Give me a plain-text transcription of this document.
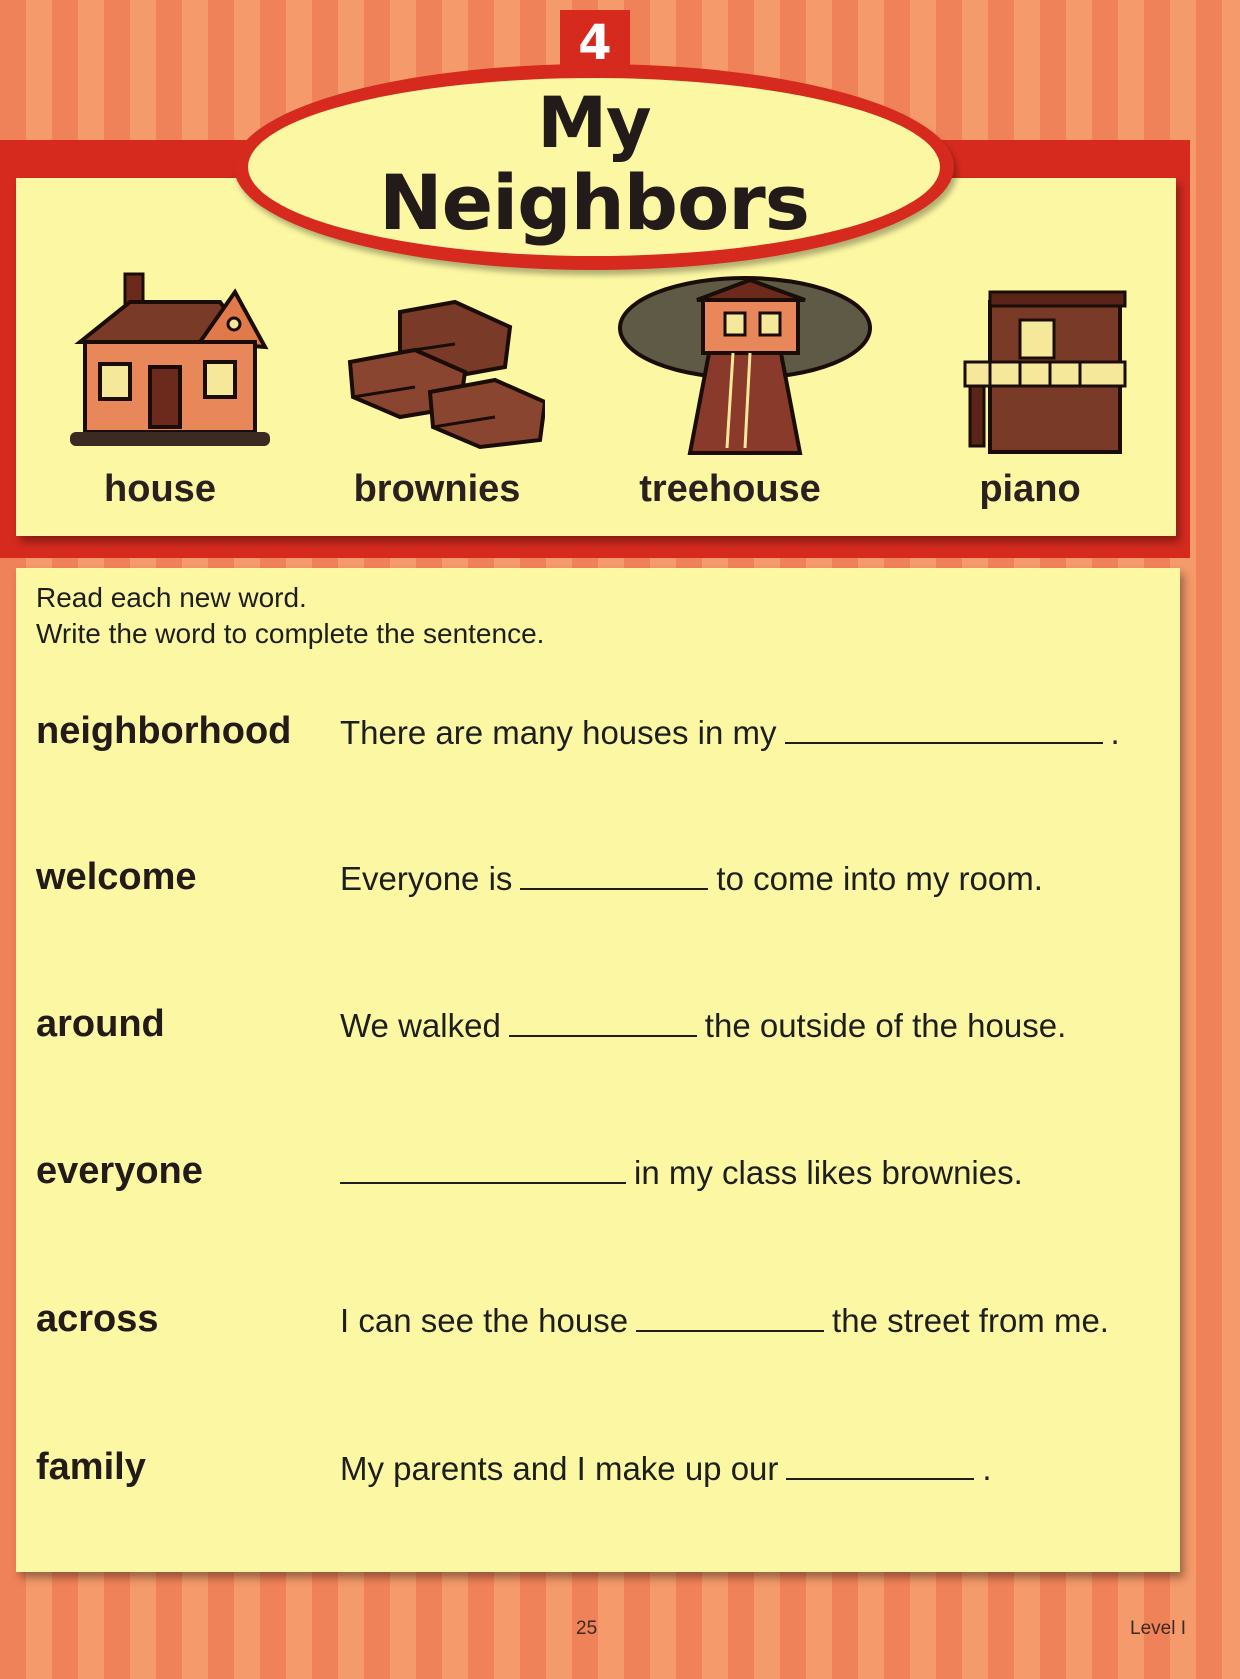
4
My
Neighbors
house	brownies	treehouse	piano
Read each new word.
Write the word to complete the sentence.
neighborhood There are many houses in my	.
welcome	Everyone is	to come into my room.
around	We walked	the outside of the house.
everyone	in my class likes brownies.
across	I can see the house	the street from me.
family	My parents and I make up our	.
25	Level I
